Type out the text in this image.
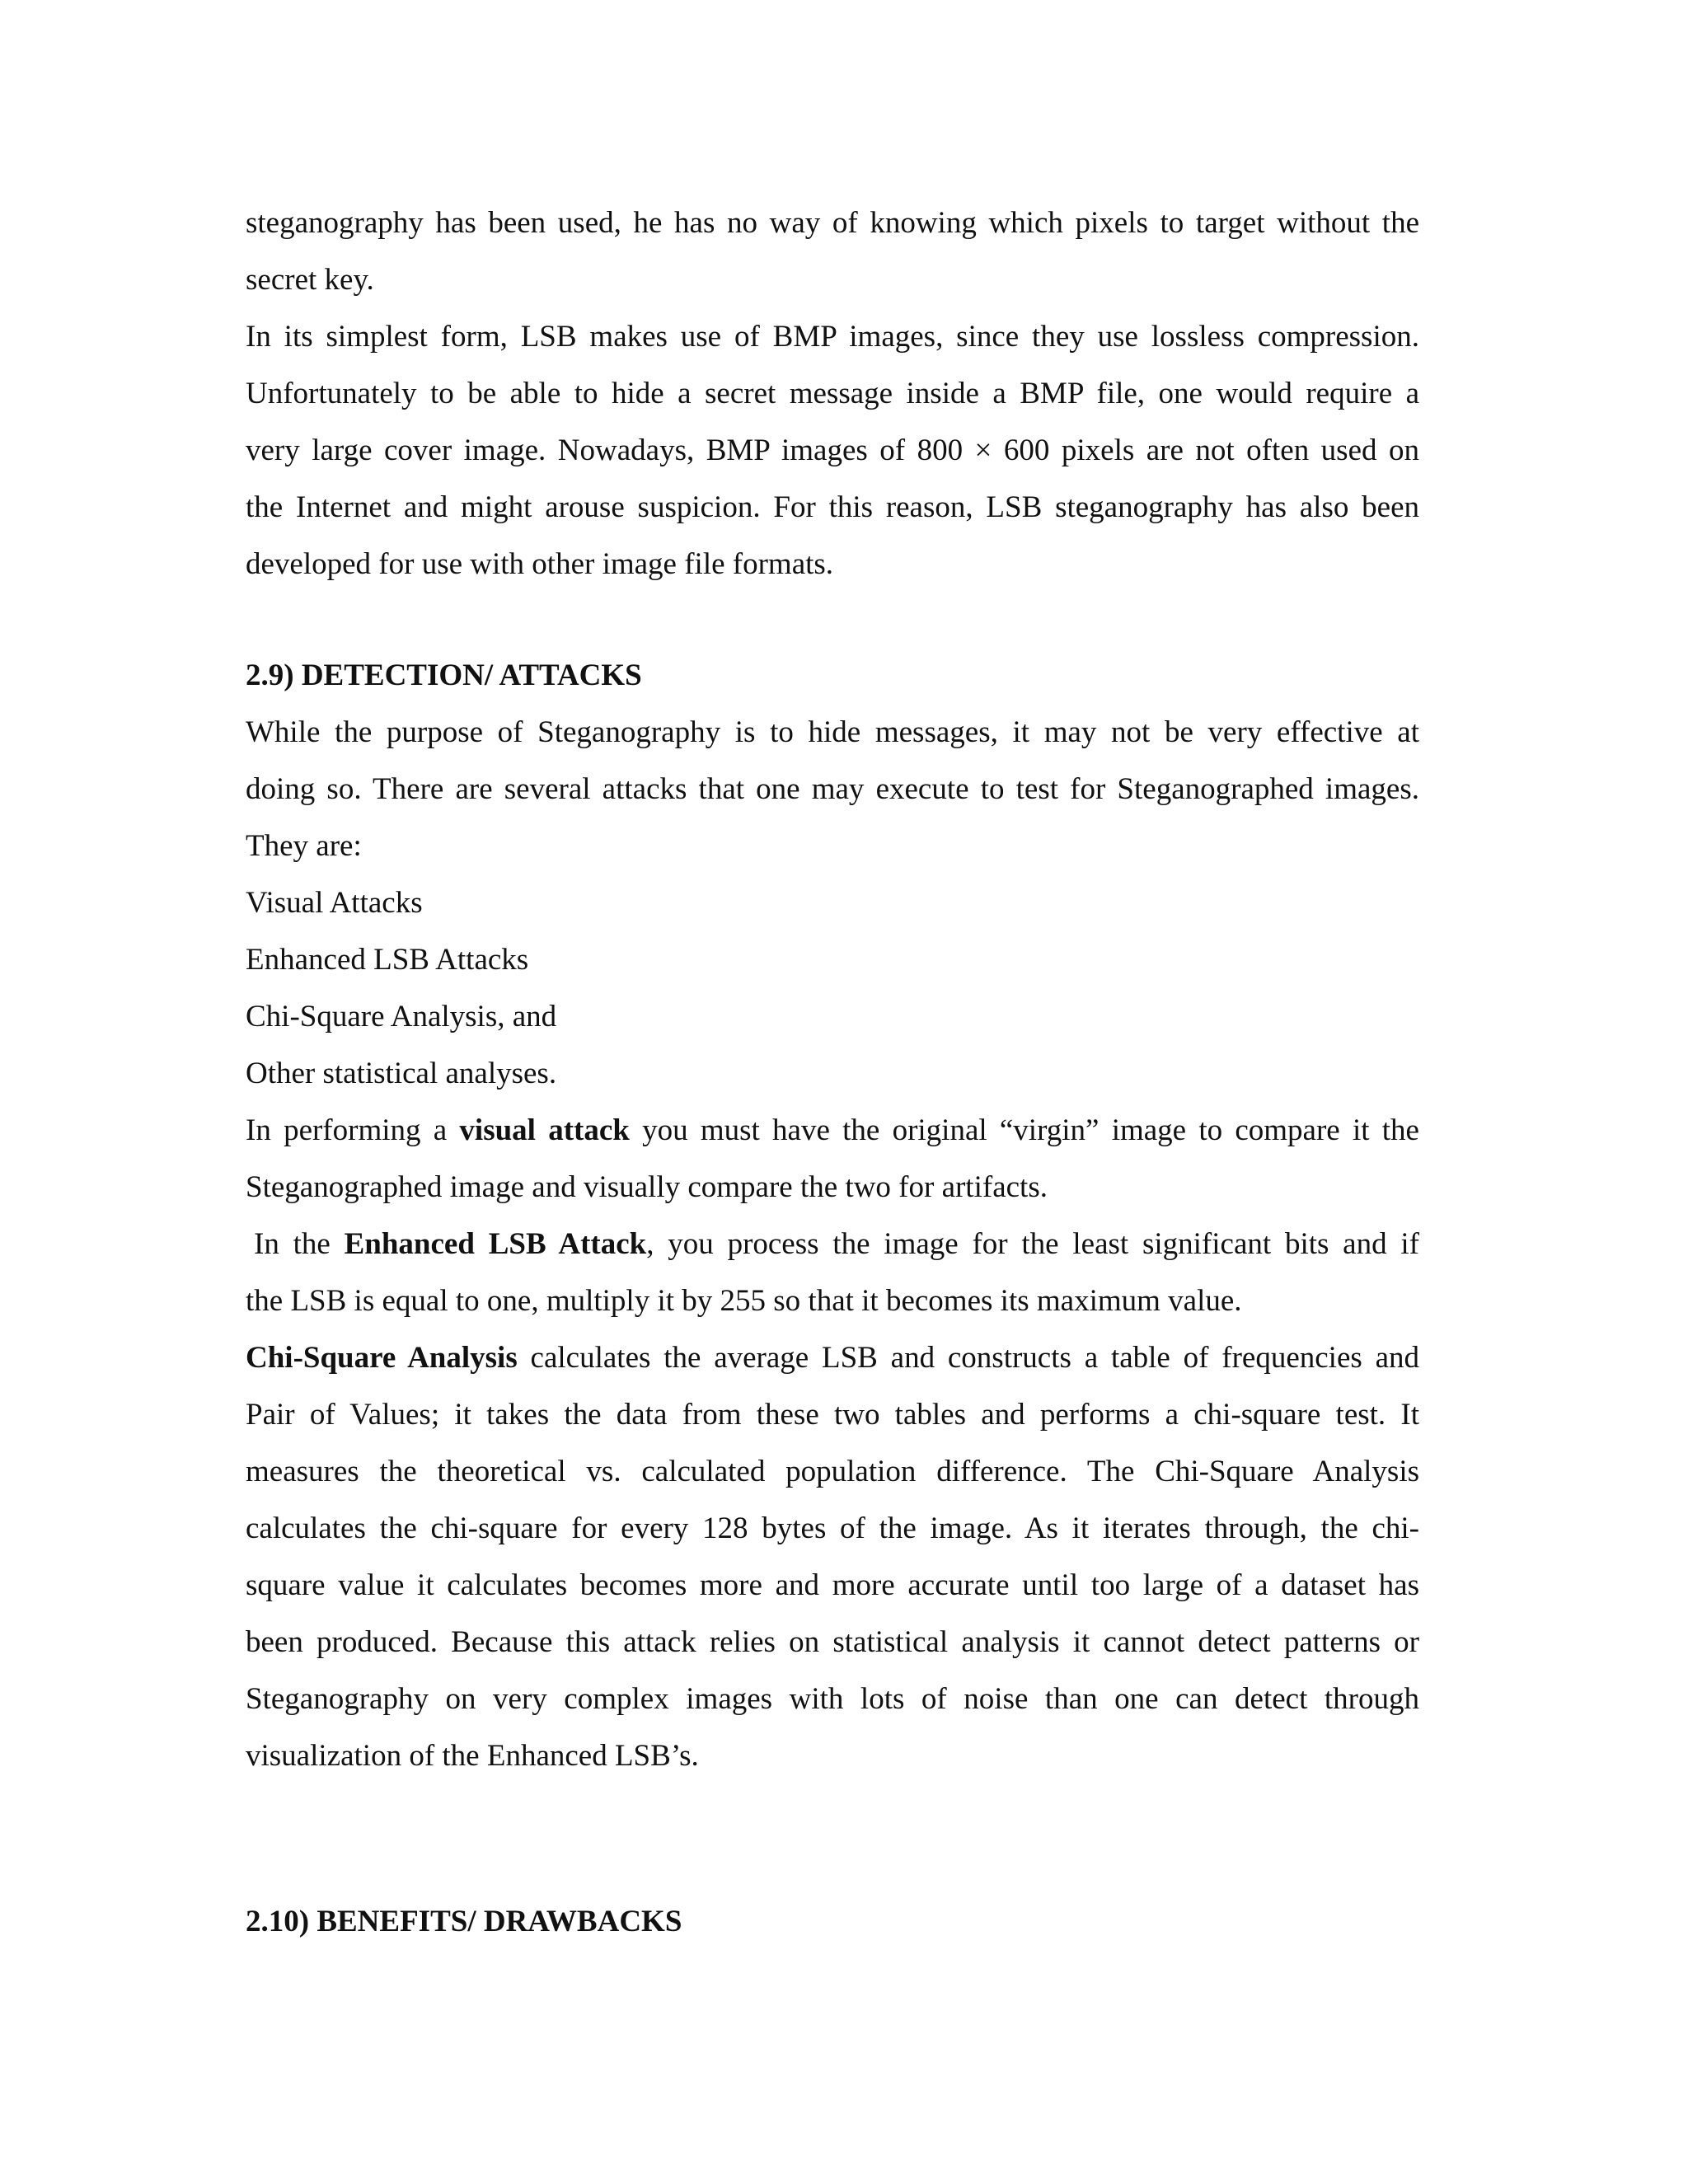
steganography has been used, he has no way of knowing which pixels to target without the

secret key.

In its simplest form, LSB makes use of BMP images, since they use lossless compression.

Unfortunately to be able to hide a secret message inside a BMP file, one would require a

very large cover image. Nowadays, BMP images of 800 × 600 pixels are not often used on

the Internet and might arouse suspicion. For this reason, LSB steganography has also been

developed for use with other image file formats.

2.9) DETECTION/ ATTACKS

While the purpose of Steganography is to hide messages, it may not be very effective at

doing so. There are several attacks that one may execute to test for Steganographed images.

They are:

Visual Attacks

Enhanced LSB Attacks

Chi-Square Analysis, and

Other statistical analyses.

In performing a visual attack you must have the original “virgin” image to compare it the

Steganographed image and visually compare the two for artifacts.

In the Enhanced LSB Attack, you process the image for the least significant bits and if

the LSB is equal to one, multiply it by 255 so that it becomes its maximum value.

Chi-Square Analysis calculates the average LSB and constructs a table of frequencies and

Pair of Values; it takes the data from these two tables and performs a chi-square test. It

measures the theoretical vs. calculated population difference. The Chi-Square Analysis

calculates the chi-square for every 128 bytes of the image. As it iterates through, the chi-

square value it calculates becomes more and more accurate until too large of a dataset has

been produced. Because this attack relies on statistical analysis it cannot detect patterns or

Steganography on very complex images with lots of noise than one can detect through

visualization of the Enhanced LSB’s.

2.10) BENEFITS/ DRAWBACKS
